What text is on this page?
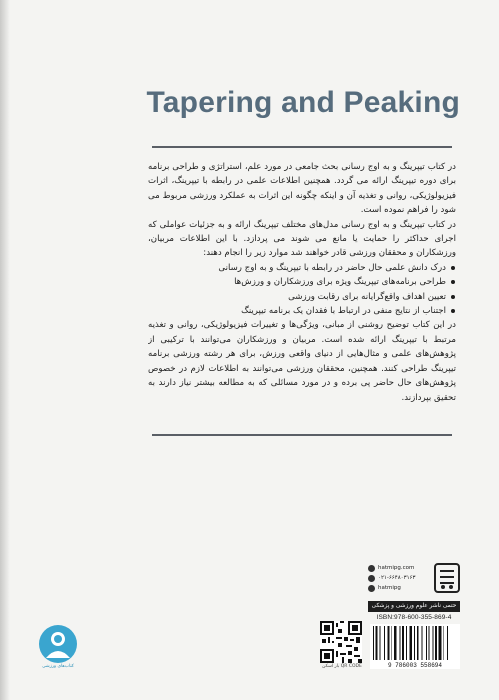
Tapering and Peaking

در کتاب تیپرینگ و به اوج رسانی بحث جامعی در مورد علم، استراتژی و طراحی برنامه برای دوره تیپرینگ ارائه می گردد. همچنین اطلاعات علمی در رابطه با تیپرینگ، اثرات فیزیولوژیکی، روانی و تغذیه آن و اینکه چگونه این اثرات به عملکرد ورزشی مربوط می شود را فراهم نموده است.

در کتاب تیپرینگ و به اوج رسانی مدل‌های مختلف تیپرینگ ارائه و به جزئیات عواملی که اجرای حداکثر را حمایت یا مانع می شوند می پردازد. با این اطلاعات مربیان، ورزشکاران و محققان ورزشی قادر خواهند شد موارد زیر را انجام دهند:

درک دانش علمی حال حاضر در رابطه با تیپرینگ و به اوج رسانی
طراحی برنامه‌های تیپرینگ ویژه برای ورزشکاران و ورزش‌ها
تعیین اهداف واقع‌گرایانه برای رقابت ورزشی
اجتناب از نتایج منفی در ارتباط با فقدان یک برنامه تیپرینگ

در این کتاب توضیح روشنی از مبانی، ویژگی‌ها و تغییرات فیزیولوژیکی، روانی و تغذیه مرتبط با تیپرینگ ارائه شده است. مربیان و ورزشکاران می‌توانند با ترکیبی از پژوهش‌های علمی و مثال‌هایی از دنیای واقعی ورزش، برای هر رشته ورزشی برنامه تیپرینگ طراحی کنند. همچنین، محققان ورزشی می‌توانند به اطلاعات لازم در خصوص پژوهش‌های حال حاضر پی برده و در مورد مسائلی که به مطالعه بیشتر نیاز دارند به تحقیق بپردازند.

کتاب‌های ورزشی	QR CODE بار اسکن
hatmipg.com
۰۲۱-۶۶۴۸۰۳۱۶۳
hatmipg
حتمی ناشر علوم ورزشی و پزشکی
ISBN:978-600-355-869-4
9 786003 558694
